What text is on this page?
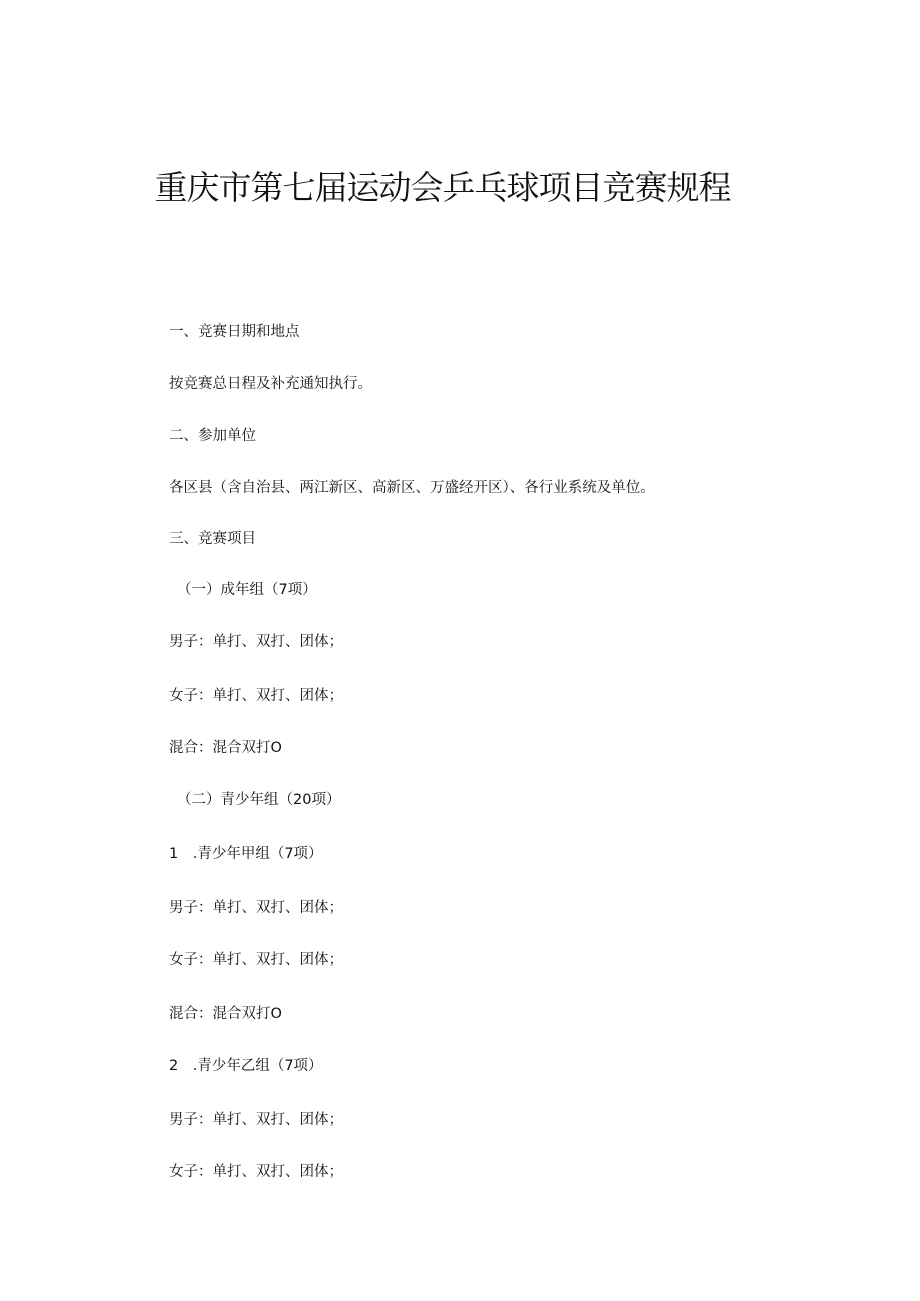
重庆市第七届运动会乒乓球项目竞赛规程
一、竞赛日期和地点
按竞赛总日程及补充通知执行。
二、参加单位
各区县（含自治县、两江新区、高新区、万盛经开区）、各行业系统及单位。
三、竞赛项目
（一）成年组（7项）
男子：单打、双打、团体；
女子：单打、双打、团体；
混合：混合双打O
（二）青少年组（20项）
1　.青少年甲组（7项）
男子：单打、双打、团体；
女子：单打、双打、团体；
混合：混合双打O
2　.青少年乙组（7项）
男子：单打、双打、团体；
女子：单打、双打、团体；
